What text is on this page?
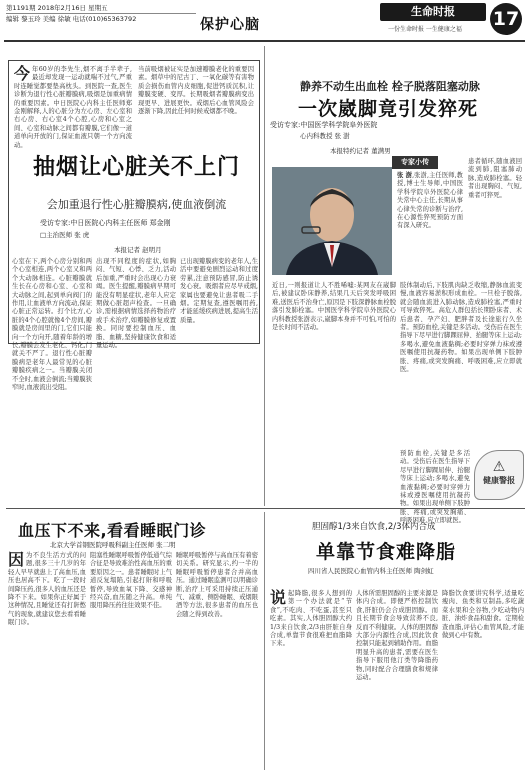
第1191期 2018年2月16日 星期五
编辑 黎玉玲 美编 徐敏 电话(010)65363792	保护心脑
生命时报
一份生命时报 一生健康之福 17
今年60岁的李先生,烟不离手半辈子,最近却发现一运动就喘不过气,严重时连睡觉都要垫高枕头。到医院一查,医生诊断为退行性心脏瓣膜病,吸烟是加重病情的重要因素。中日医院心内科主任医师郑金刚解释,人的心脏分为左心房、左心室和右心房、右心室4个心腔,心房和心室之间、心室和动脉之间都有瓣膜,它们像一道道单向开放的门,保证血液只朝一个方向流动。
当前吸烟被证实是加速瓣膜老化的重要因素。烟草中的尼古丁、一氧化碳等有害物质会损伤血管内皮细胞,促进钙质沉积,让瓣膜变硬、变厚。长期吸烟者瓣膜病变出现更早、进展更快。戒烟后心血管风险会逐渐下降,因此任何时候戒烟都不晚。
抽烟让心脏关不上门
会加重退行性心脏瓣膜病,使血液倒流
受访专家:中日医院心内科主任医师 郑金刚
□主治医师 张 虎
本报记者 赵明月
心室在下,两个心房分别和两个心室相连,两个心室又和两个大动脉相连。心脏瓣膜就生长在心房和心室、心室和大动脉之间,起到单向阀门的作用,让血液单方向流动,保证心脏正常运转。打个比方,心脏的4个心腔就像4个房间,瓣膜就是房间里的门,它们只能向一个方向开,随着年龄的增长,瓣膜会发生老化、钙化,门就关不严了。退行性心脏瓣膜病是老年人最常见的心脏瓣膜疾病之一。当瓣膜关闭不全时,血液会倒流;当瓣膜狭窄时,血液流出受阻。
出现不同程度的症状,如胸闷、气短、心悸、乏力,活动后加重,严重时会出现心力衰竭。医生提醒,瓣膜病早期可能没有明显症状,老年人应定期做心脏超声检查。一旦确诊,需根据病情选择药物治疗或手术治疗,如瓣膜修复或置换。同时要控制血压、血脂、血糖,坚持健康饮食和适量运动。
已出现瓣膜病变的老年人,生活中要避免剧烈运动和过度劳累,注意预防感冒,防止诱发心衰。吸烟者应尽早戒烟,家属也要避免让患者吸二手烟。定期复查,遵医嘱用药,才能延缓疾病进展,提高生活质量。
静养不动生出血栓 栓子脱落阻塞动脉
一次崴脚竟引发猝死
受访专家:中国医学科学院阜外医院
心内科教授 张 澍
本报特约记者 董满男
专家小传
张 澍,张澍,主任医师,教授,博士生导师,中国医学科学院阜外医院心律失常中心主任,长期从事心律失常的诊断与治疗,在心源性猝死预防方面有深入研究。
患者循环,随血液回流到肺,阻塞肺动脉,造成肺栓塞。轻者出现胸闷、气短,重者可猝死。
近日,一则报道让人不胜唏嘘:某网友在崴脚后,被建议卧床静养,结果几天后突发呼吸困难,送医后不治身亡,原因是下肢深静脉血栓脱落引发肺栓塞。中国医学科学院阜外医院心内科教授张澍表示,崴脚本身并不可怕,可怕的是长时间不活动。
肢体制动后,下肢肌肉缺乏收缩,静脉血流变慢,血液容易淤积形成血栓。一旦栓子脱落,就会随血流进入肺动脉,造成肺栓塞,严重时可导致猝死。高危人群包括长期卧床者、术后患者、孕产妇、肥胖者及长途旅行久坐者。预防血栓,关键是多活动。受伤后在医生指导下尽早进行脚踝屈伸、抬腿等床上运动;多喝水,避免血液黏稠;必要时穿弹力袜或遵医嘱使用抗凝药物。如果出现单侧下肢肿胀、疼痛,或突发胸痛、呼吸困难,应立即就医。
预防血栓,关键是多活动。受伤后在医生指导下尽早进行脚踝屈伸、抬腿等床上运动;多喝水,避免血液黏稠;必要时穿弹力袜或遵医嘱使用抗凝药物。如果出现单侧下肢肿胀、疼痛,或突发胸痛、呼吸困难,应立即就医。
⚠
健康警报
血压下不来,看看睡眠门诊
北京大学首钢医院呼吸科副主任医师 张二明
因为不良生活方式的问题,很多三十几岁的年轻人早早就患上了高血压,血压也居高不下。吃了一段时间降压药,很多人的血压还是降不下来。如果你正好属于这种情况,且睡觉还有打鼾憋气的现象,就建议您去看看睡眠门诊。
阻塞性睡眠呼吸暂停低通气综合征是导致难治性高血压的重要原因之一。患者睡眠时上气道反复塌陷,引起打鼾和呼吸暂停,导致血氧下降、交感神经兴奋,血压随之升高。单纯服用降压药往往效果不佳。
睡眠呼吸暂停与高血压有着密切关系。研究显示,约一半的睡眠呼吸暂停患者合并高血压。通过睡眠监测可以明确诊断,治疗上可采用持续正压通气、减重、侧卧睡眠、戒烟限酒等方法,很多患者的血压也会随之得到改善。
胆固醇1/3来自饮食,2/3体内合成
单靠节食难降脂
四川省人民医院心血管内科主任医师 陶剑虹
说起降脂,很多人想到的第一个办法就是“节食”,不吃肉、不吃蛋,甚至只吃素。其实,人体胆固醇大约1/3来自饮食,2/3由肝脏自身合成,单靠节食很难把血脂降下来。
人体所需胆固醇的主要来源是体内合成。即便严格控制饮食,肝脏仍会合成胆固醇。而且长期节食会导致营养不良,反而不利健康。人体的胆固醇大部分内源性合成,因此饮食控制只能起到辅助作用。血脂明显升高的患者,需要在医生指导下服用他汀类等降脂药物,同时配合合理膳食和规律运动。
降脂饮食要讲究科学,适量吃瘦肉、鱼类和豆制品,多吃蔬菜水果和全谷物,少吃动物内脏、油炸食品和甜食。定期检查血脂,评估心血管风险,才能做到心中有数。
